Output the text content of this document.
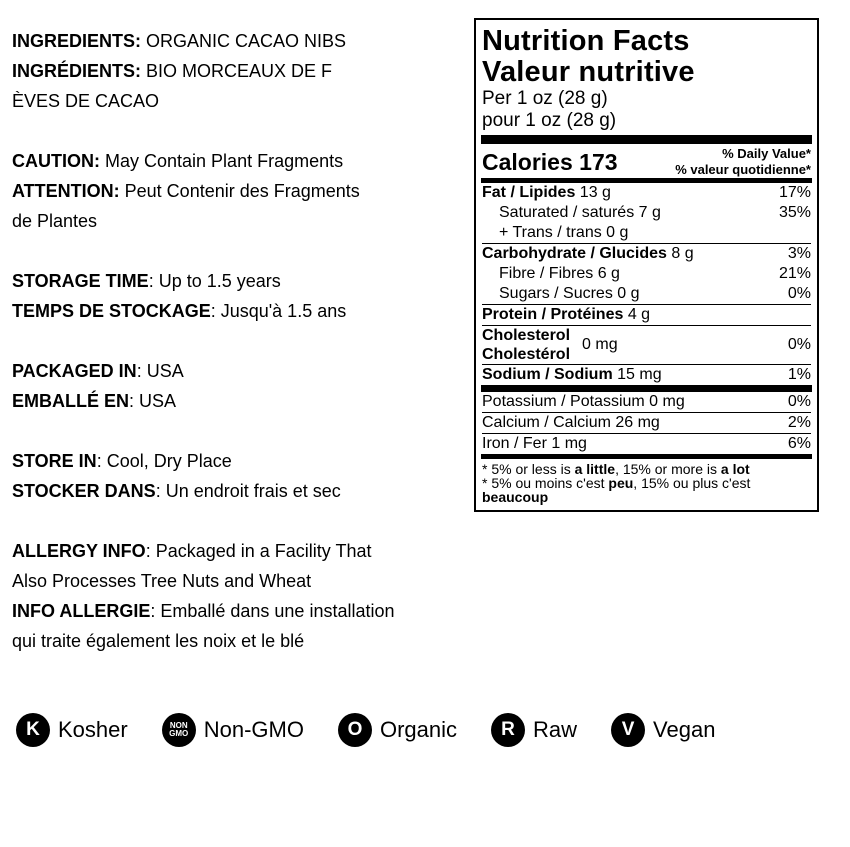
INGREDIENTS: ORGANIC CACAO NIBS
INGRÉDIENTS: BIO MORCEAUX DE F
ÈVES DE CACAO
CAUTION: May Contain Plant Fragments
ATTENTION: Peut Contenir des Fragments
de Plantes
STORAGE TIME: Up to 1.5 years
TEMPS DE STOCKAGE: Jusqu'à 1.5 ans
PACKAGED IN: USA
EMBALLÉ EN: USA
STORE IN: Cool, Dry Place
STOCKER DANS: Un endroit frais et sec
ALLERGY INFO: Packaged in a Facility That
Also Processes Tree Nuts and Wheat
INFO ALLERGIE: Emballé dans une installation
qui traite également les noix et le blé
Nutrition Facts
Valeur nutritive
Per 1 oz (28 g)
pour 1 oz (28 g)
Calories 173	% Daily Value*
% valeur quotidienne*
Fat / Lipides 13 g	17%
Saturated / saturés 7 g	35%
+ Trans / trans 0 g
Carbohydrate / Glucides 8 g	3%
Fibre / Fibres 6 g	21%
Sugars / Sucres 0 g	0%
Protein / Protéines 4 g
Cholesterol
Cholestérol
0 mg	0%
Sodium / Sodium 15 mg	1%
Potassium / Potassium 0 mg	0%
Calcium / Calcium 26 mg	2%
Iron / Fer 1 mg	6%
* 5% or less is a little, 15% or more is a lot
* 5% ou moins c'est peu, 15% ou plus c'est
beaucoup
K Kosher	NON
GMO Non-GMO	O Organic	R Raw	V Vegan
